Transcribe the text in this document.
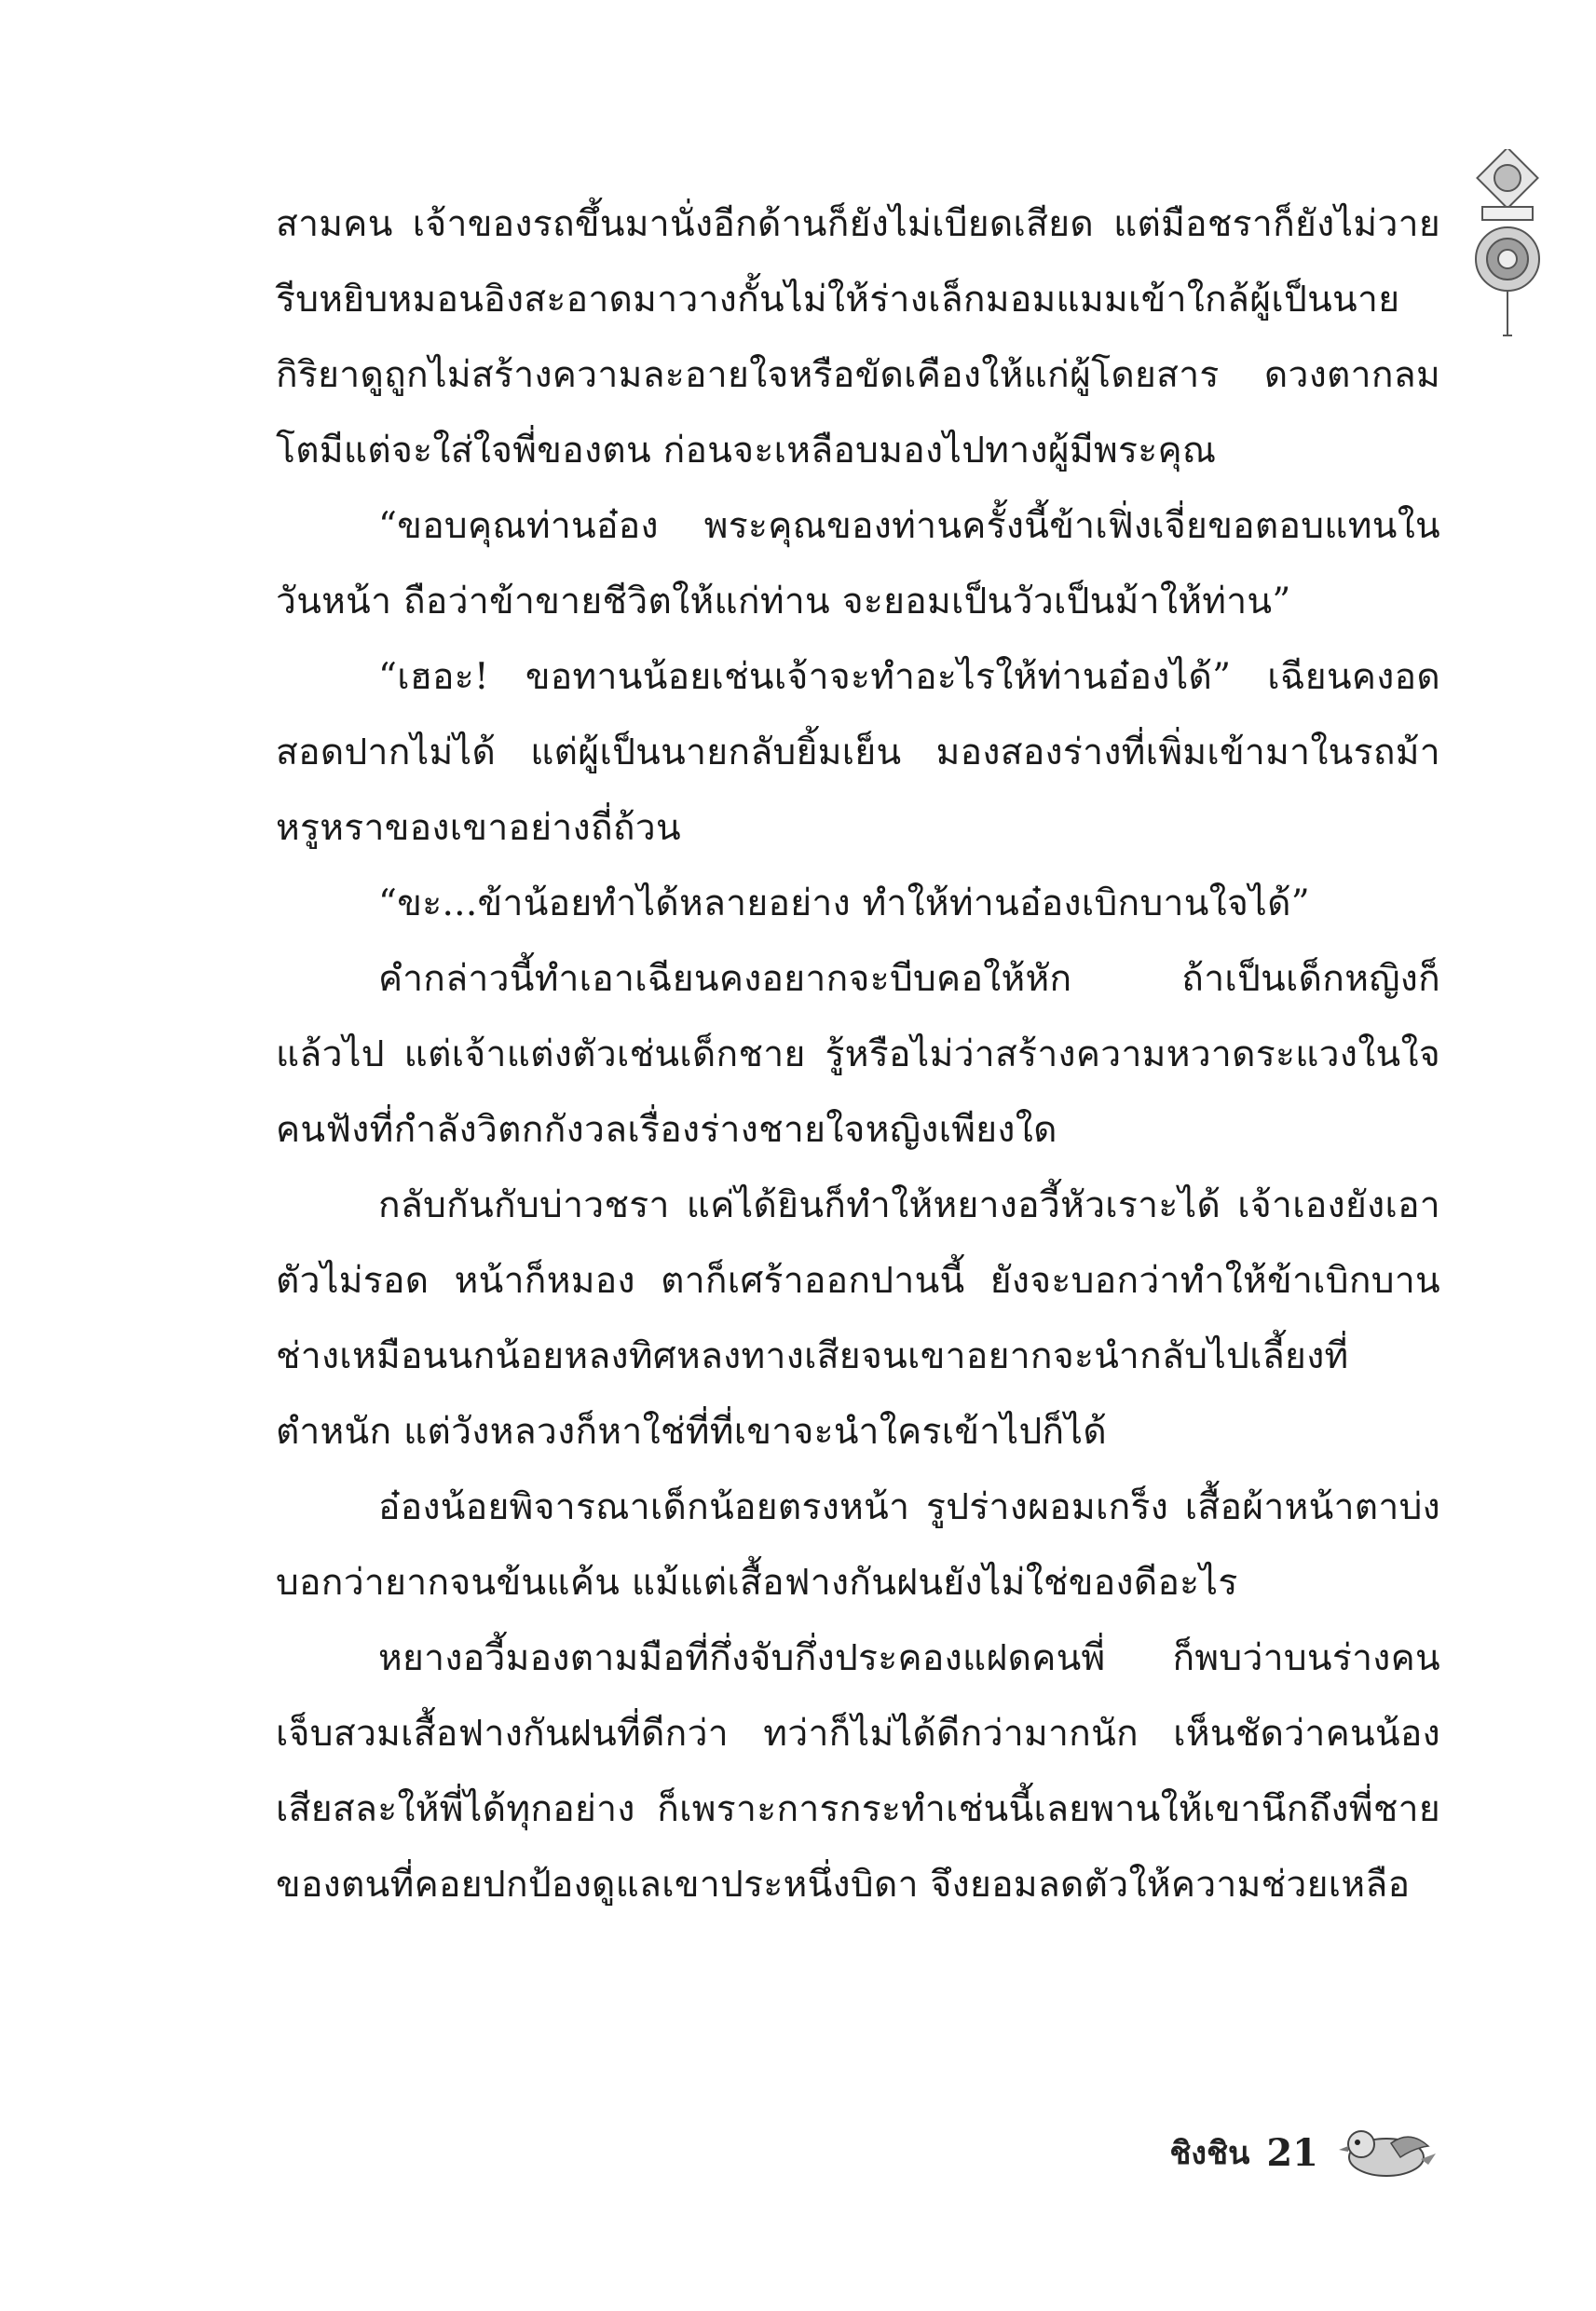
สามคน เจ้าของรถขึ้นมานั่งอีกด้านก็ยังไม่เบียดเสียด แต่มือชราก็ยังไม่วายรีบหยิบหมอนอิงสะอาดมาวางกั้นไม่ให้ร่างเล็กมอมแมมเข้าใกล้ผู้เป็นนาย กิริยาดูถูกไม่สร้างความละอายใจหรือขัดเคืองให้แก่ผู้โดยสาร ดวงตากลมโตมีแต่จะใส่ใจพี่ของตน ก่อนจะเหลือบมองไปทางผู้มีพระคุณ

“ขอบคุณท่านอ๋อง พระคุณของท่านครั้งนี้ข้าเฟิ่งเจี่ยขอตอบแทนในวันหน้า ถือว่าข้าขายชีวิตให้แก่ท่าน จะยอมเป็นวัวเป็นม้าให้ท่าน”

“เฮอะ! ขอทานน้อยเช่นเจ้าจะทำอะไรให้ท่านอ๋องได้” เฉียนคงอดสอดปากไม่ได้ แต่ผู้เป็นนายกลับยิ้มเย็น มองสองร่างที่เพิ่มเข้ามาในรถม้าหรูหราของเขาอย่างถี่ถ้วน

“ขะ...ข้าน้อยทำได้หลายอย่าง ทำให้ท่านอ๋องเบิกบานใจได้”

คำกล่าวนี้ทำเอาเฉียนคงอยากจะบีบคอให้หัก ถ้าเป็นเด็กหญิงก็แล้วไป แต่เจ้าแต่งตัวเช่นเด็กชาย รู้หรือไม่ว่าสร้างความหวาดระแวงในใจคนฟังที่กำลังวิตกกังวลเรื่องร่างชายใจหญิงเพียงใด

กลับกันกับบ่าวชรา แค่ได้ยินก็ทำให้หยางอวี้หัวเราะได้ เจ้าเองยังเอาตัวไม่รอด หน้าก็หมอง ตาก็เศร้าออกปานนี้ ยังจะบอกว่าทำให้ข้าเบิกบาน ช่างเหมือนนกน้อยหลงทิศหลงทางเสียจนเขาอยากจะนำกลับไปเลี้ยงที่ตำหนัก แต่วังหลวงก็หาใช่ที่ที่เขาจะนำใครเข้าไปก็ได้

อ๋องน้อยพิจารณาเด็กน้อยตรงหน้า รูปร่างผอมเกร็ง เสื้อผ้าหน้าตาบ่งบอกว่ายากจนข้นแค้น แม้แต่เสื้อฟางกันฝนยังไม่ใช่ของดีอะไร

หยางอวี้มองตามมือที่กึ่งจับกึ่งประคองแฝดคนพี่ ก็พบว่าบนร่างคนเจ็บสวมเสื้อฟางกันฝนที่ดีกว่า ทว่าก็ไม่ได้ดีกว่ามากนัก เห็นชัดว่าคนน้องเสียสละให้พี่ได้ทุกอย่าง ก็เพราะการกระทำเช่นนี้เลยพานให้เขานึกถึงพี่ชายของตนที่คอยปกป้องดูแลเขาประหนึ่งบิดา จึงยอมลดตัวให้ความช่วยเหลือ

ชิงชิน 21
